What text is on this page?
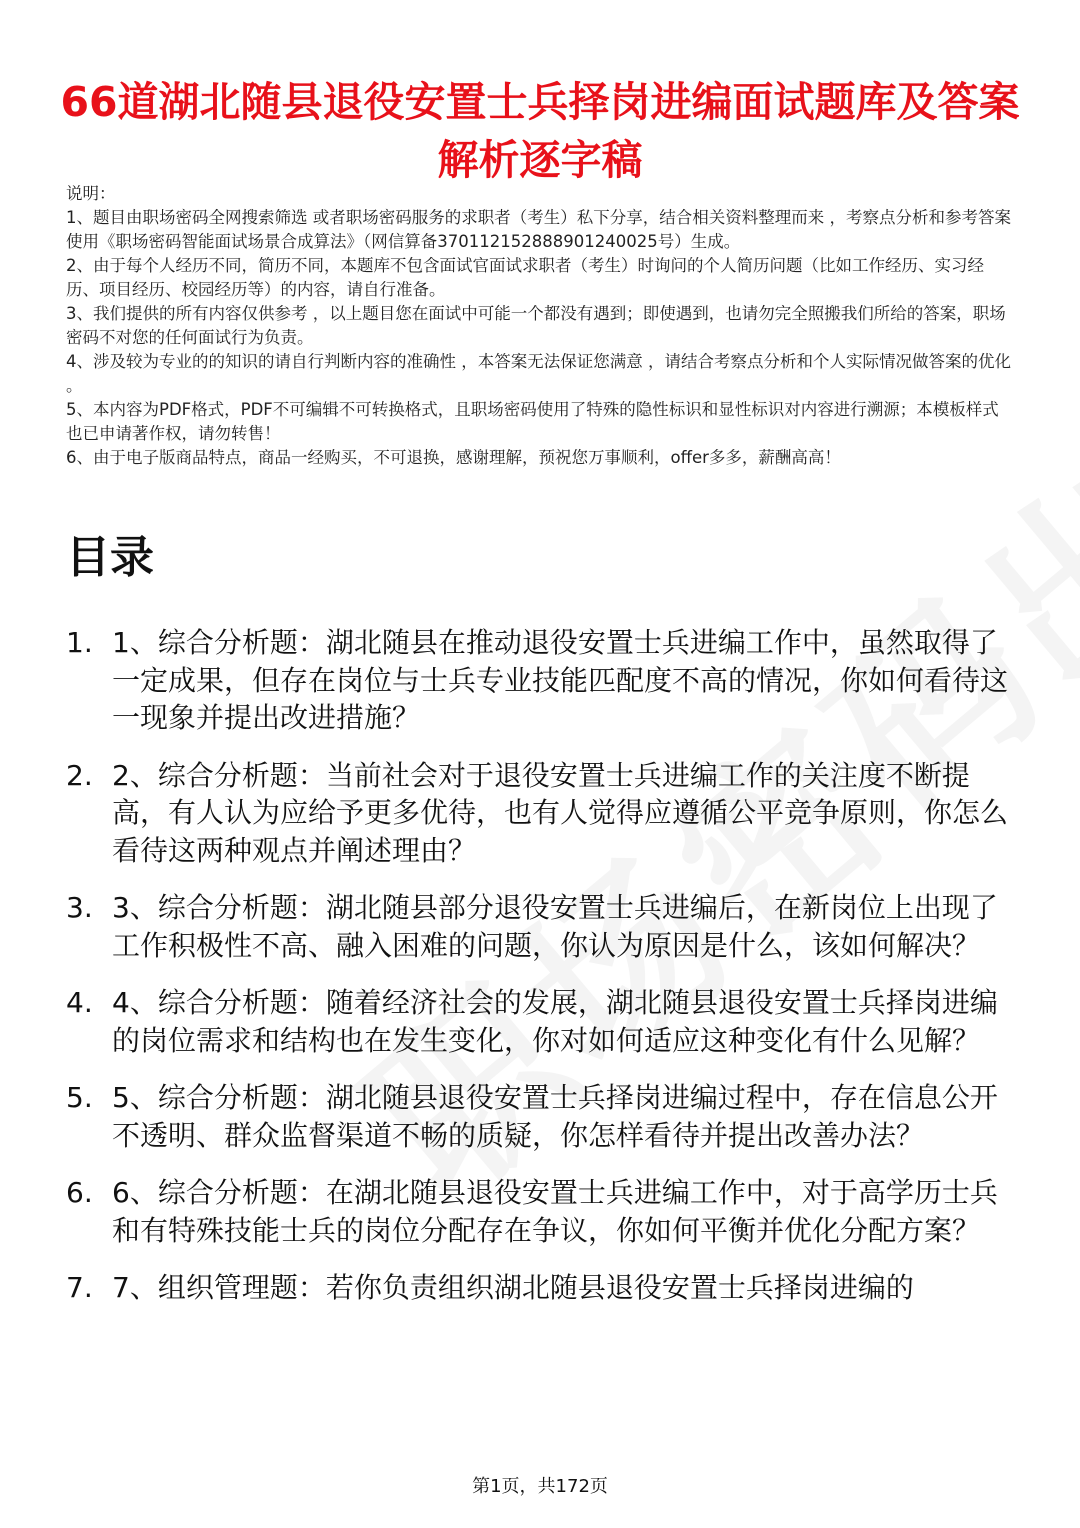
66道湖北随县退役安置士兵择岗进编面试题库及答案解析逐字稿

说明：

1、题目由职场密码全网搜索筛选 或者职场密码服务的求职者（考生）私下分享，结合相关资料整理而来 ，考察点分析和参考答案使用《职场密码智能面试场景合成算法》（网信算备370112152888901240025号）生成。

2、由于每个人经历不同，简历不同，本题库不包含面试官面试求职者（考生）时询问的个人简历问题（比如工作经历、实习经历、项目经历、校园经历等）的内容，请自行准备。

3、我们提供的所有内容仅供参考 ，以上题目您在面试中可能一个都没有遇到；即使遇到，也请勿完全照搬我们所给的答案，职场密码不对您的任何面试行为负责。

4、涉及较为专业的的知识的请自行判断内容的准确性 ，本答案无法保证您满意 ，请结合考察点分析和个人实际情况做答案的优化 。

5、本内容为PDF格式，PDF不可编辑不可转换格式，且职场密码使用了特殊的隐性标识和显性标识对内容进行溯源；本模板样式也已申请著作权，请勿转售！

6、由于电子版商品特点，商品一经购买，不可退换，感谢理解，预祝您万事顺利，offer多多，薪酬高高！

目录
1. 1、综合分析题：湖北随县在推动退役安置士兵进编工作中，虽然取得了一定成果，但存在岗位与士兵专业技能匹配度不高的情况，你如何看待这一现象并提出改进措施？
2. 2、综合分析题：当前社会对于退役安置士兵进编工作的关注度不断提高，有人认为应给予更多优待，也有人觉得应遵循公平竞争原则，你怎么看待这两种观点并阐述理由？
3. 3、综合分析题：湖北随县部分退役安置士兵进编后，在新岗位上出现了工作积极性不高、融入困难的问题，你认为原因是什么，该如何解决？
4. 4、综合分析题：随着经济社会的发展，湖北随县退役安置士兵择岗进编的岗位需求和结构也在发生变化，你对如何适应这种变化有什么见解？
5. 5、综合分析题：湖北随县退役安置士兵择岗进编过程中，存在信息公开不透明、群众监督渠道不畅的质疑，你怎样看待并提出改善办法？
6. 6、综合分析题：在湖北随县退役安置士兵进编工作中，对于高学历士兵和有特殊技能士兵的岗位分配存在争议，你如何平衡并优化分配方案？
7. 7、组织管理题：若你负责组织湖北随县退役安置士兵择岗进编的
第1页，共172页
